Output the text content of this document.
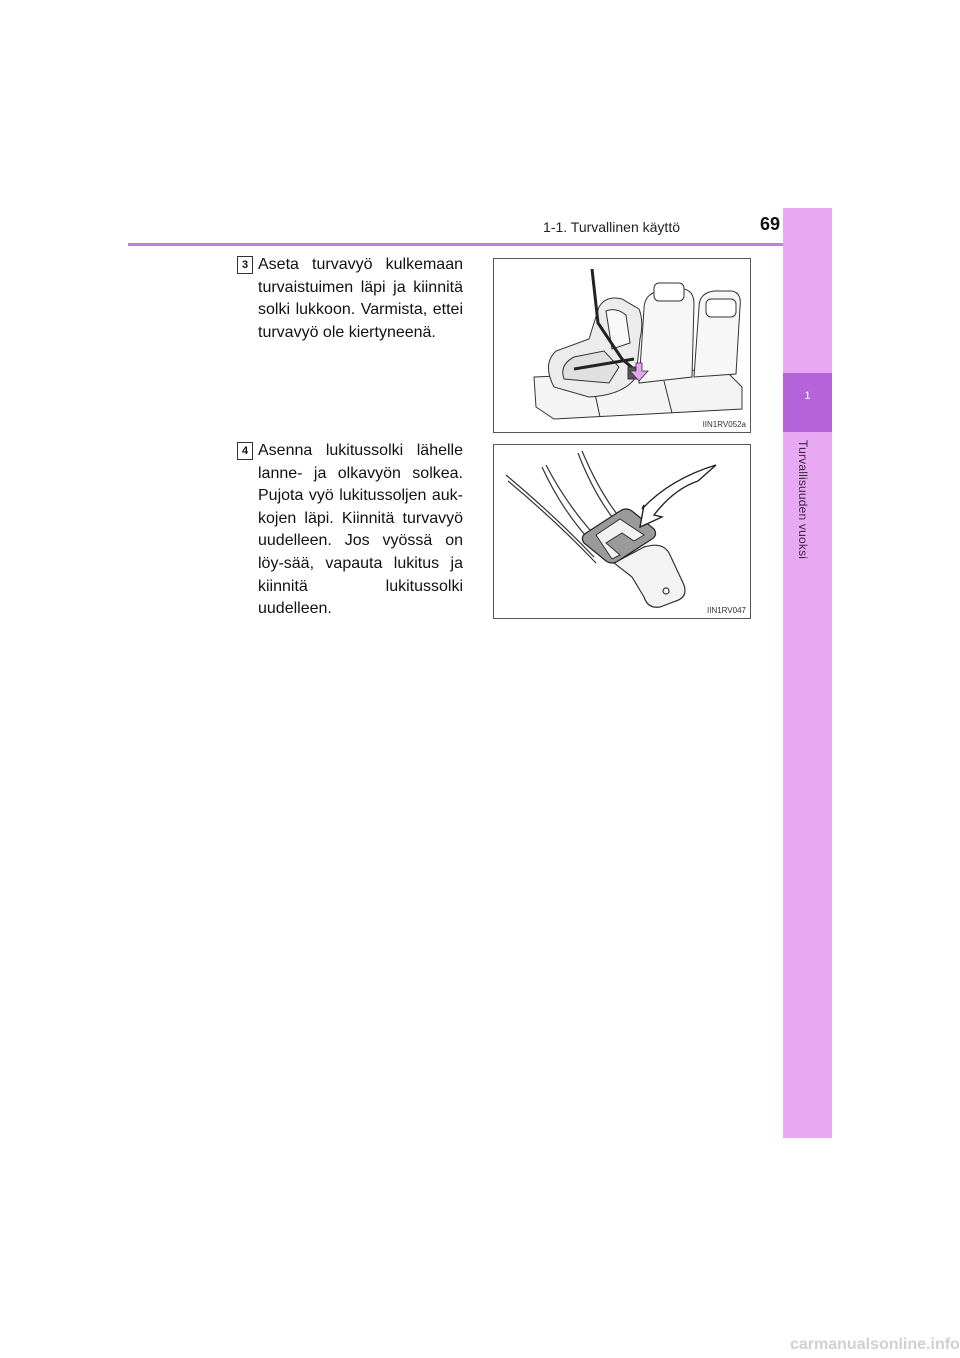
1-1. Turvallinen käyttö	69
1
Turvallisuuden vuoksi
3 Aseta turvavyö kulkemaan turvaistuimen läpi ja kiinnitä solki lukkoon. Varmista, ettei turvavyö ole kiertyneenä.
IIN1RV052a
4 Asenna lukitussolki lähelle lanne- ja olkavyön solkea. Pujota vyö lukitussoljen auk-kojen läpi. Kiinnitä turvavyö uudelleen. Jos vyössä on löy-sää, vapauta lukitus ja kiinnitä lukitussolki uudelleen.	IIN1RV047
carmanualsonline.info
